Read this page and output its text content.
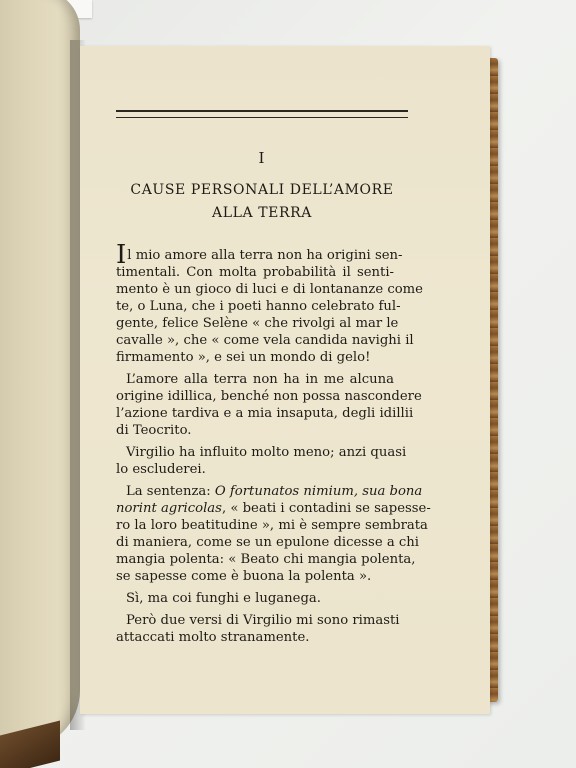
I
CAUSE PERSONALI DELL’AMORE
ALLA TERRA
Il mio amore alla terra non ha origini sen-
timentali. Con molta probabilità il senti-
mento è un gioco di luci e di lontananze come
te, o Luna, che i poeti hanno celebrato ful-
gente, felice Selène « che rivolgi al mar le
cavalle », che « come vela candida navighi il
firmamento », e sei un mondo di gelo!
L’amore alla terra non ha in me alcuna
origine idillica, benché non possa nascondere
l’azione tardiva e a mia insaputa, degli idillii
di Teocrito.
Virgilio ha influito molto meno; anzi quasi
lo escluderei.
La sentenza: O fortunatos nimium, sua bona
norint agricolas, « beati i contadini se sapesse-
ro la loro beatitudine », mi è sempre sembrata
di maniera, come se un epulone dicesse a chi
mangia polenta: « Beato chi mangia polenta,
se sapesse come è buona la polenta ».
Sì, ma coi funghi e luganega.
Però due versi di Virgilio mi sono rimasti
attaccati molto stranamente.
